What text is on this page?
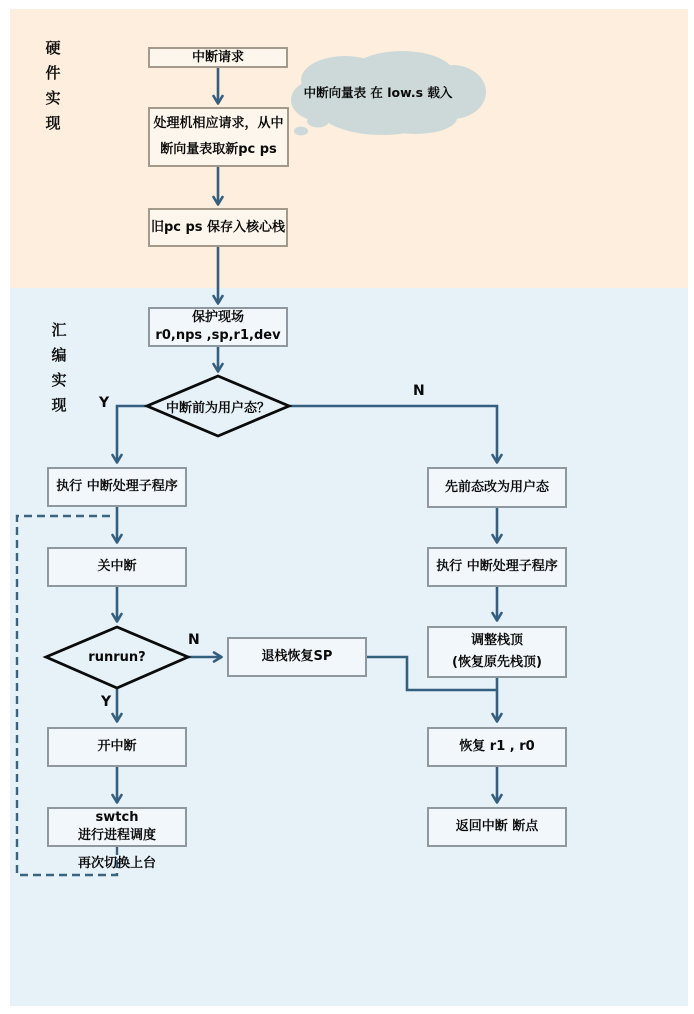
硬
件
实
现
汇
编
实
现
中断向量表 在 low.s 载入
中断请求
处理机相应请求，从中
断向量表取新pc ps
旧pc ps 保存入核心栈
保护现场
r0,nps ,sp,r1,dev
中断前为用户态？
执行 中断处理子程序
关中断
runrun?
开中断
swtch
进行进程调度
再次切换上台
退栈恢复SP
先前态改为用户态
执行 中断处理子程序
调整栈顶
(恢复原先栈顶)
恢复 r1 , r0
返回中断 断点
Y
N
N
Y
